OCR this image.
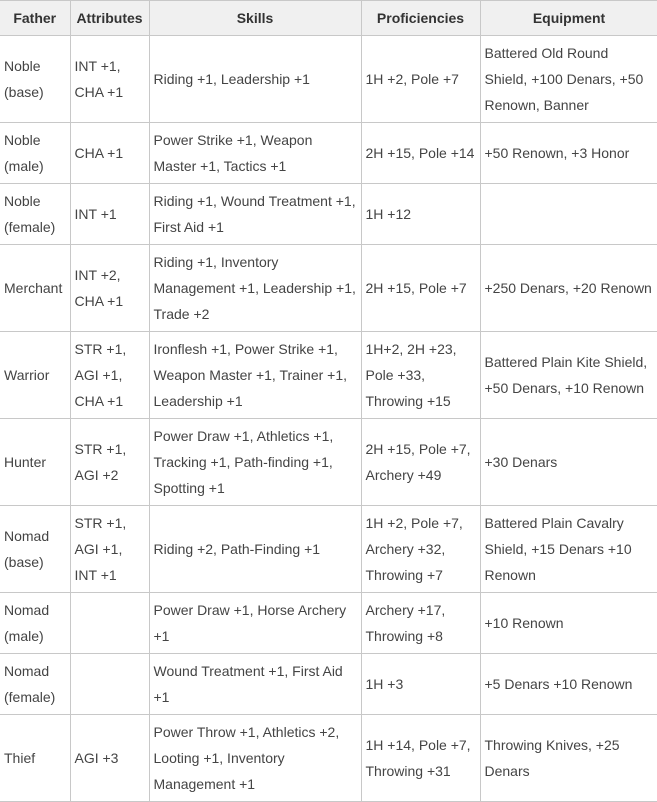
Father	Attributes	Skills	Proficiencies	Equipment
Noble (base)	INT +1, CHA +1	Riding +1, Leadership +1	1H +2, Pole +7	Battered Old Round Shield, +100 Denars, +50 Renown, Banner
Noble (male)	CHA +1	Power Strike +1, Weapon Master +1, Tactics +1	2H +15, Pole +14	+50 Renown, +3 Honor
Noble (female)	INT +1	Riding +1, Wound Treatment +1, First Aid +1	1H +12	
Merchant	INT +2, CHA +1	Riding +1, Inventory Management +1, Leadership +1, Trade +2	2H +15, Pole +7	+250 Denars, +20 Renown
Warrior	STR +1, AGI +1, CHA +1	Ironflesh +1, Power Strike +1, Weapon Master +1, Trainer +1, Leadership +1	1H+2, 2H +23, Pole +33, Throwing +15	Battered Plain Kite Shield, +50 Denars, +10 Renown
Hunter	STR +1, AGI +2	Power Draw +1, Athletics +1, Tracking +1, Path-finding +1, Spotting +1	2H +15, Pole +7, Archery +49	+30 Denars
Nomad (base)	STR +1, AGI +1, INT +1	Riding +2, Path-Finding +1	1H +2, Pole +7, Archery +32, Throwing +7	Battered Plain Cavalry Shield, +15 Denars +10 Renown
Nomad (male)		Power Draw +1, Horse Archery +1	Archery +17, Throwing +8	+10 Renown
Nomad (female)		Wound Treatment +1, First Aid +1	1H +3	+5 Denars +10 Renown
Thief	AGI +3	Power Throw +1, Athletics +2, Looting +1, Inventory Management +1	1H +14, Pole +7, Throwing +31	Throwing Knives, +25 Denars
